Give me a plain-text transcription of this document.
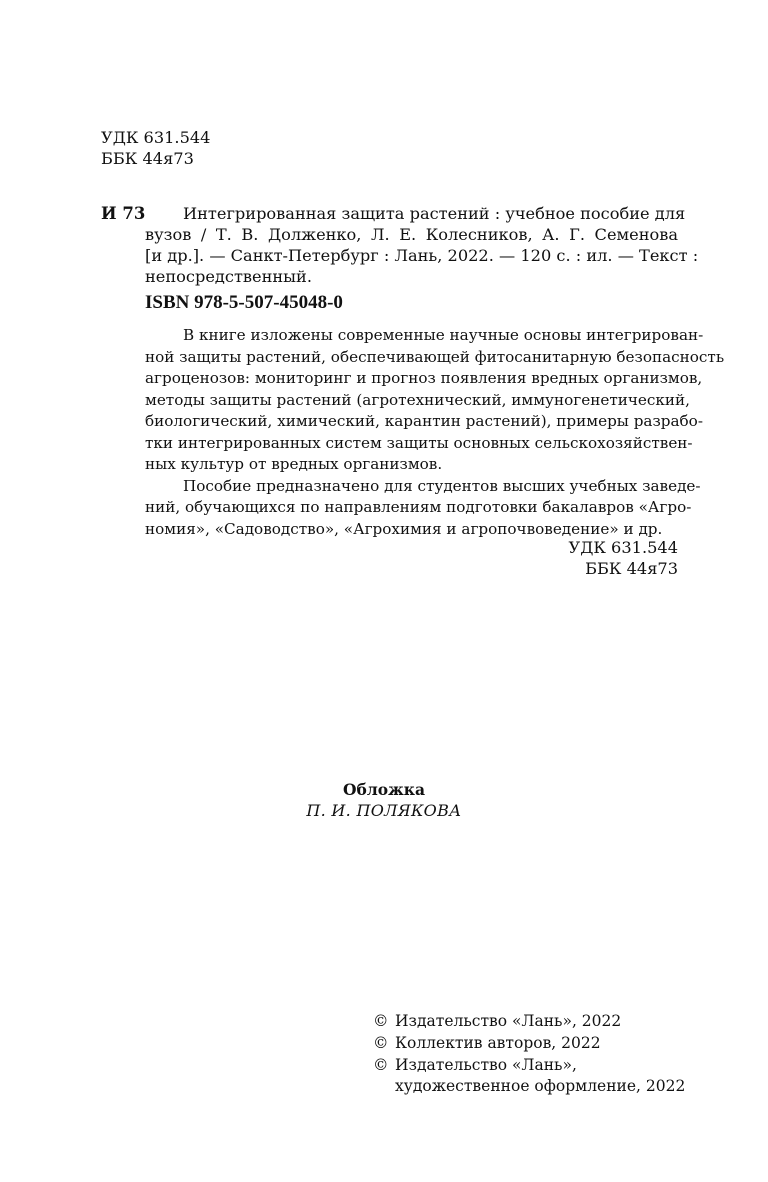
УДК 631.544
ББК 44я73
И 73 Интегрированная защита растений : учебное пособие для
вузов / Т. В. Долженко, Л. Е. Колесников, А. Г. Семенова
[и др.]. — Санкт-Петербург : Лань, 2022. — 120 с. : ил. — Текст :
непосредственный.
ISBN 978-5-507-45048-0
В книге изложены современные научные основы интегрирован-
ной защиты растений, обеспечивающей фитосанитарную безопасность
агроценозов: мониторинг и прогноз появления вредных организмов,
методы защиты растений (агротехнический, иммуногенетический,
биологический, химический, карантин растений), примеры разрабо-
тки интегрированных систем защиты основных сельскохозяйствен-
ных культур от вредных организмов.
Пособие предназначено для студентов высших учебных заведе-
ний, обучающихся по направлениям подготовки бакалавров «Агро-
номия», «Садоводство», «Агрохимия и агропочвоведение» и др.
УДК 631.544
ББК 44я73
Обложка
П. И. ПОЛЯКОВА
© Издательство «Лань», 2022
© Коллектив авторов, 2022
© Издательство «Лань»,
художественное оформление, 2022
